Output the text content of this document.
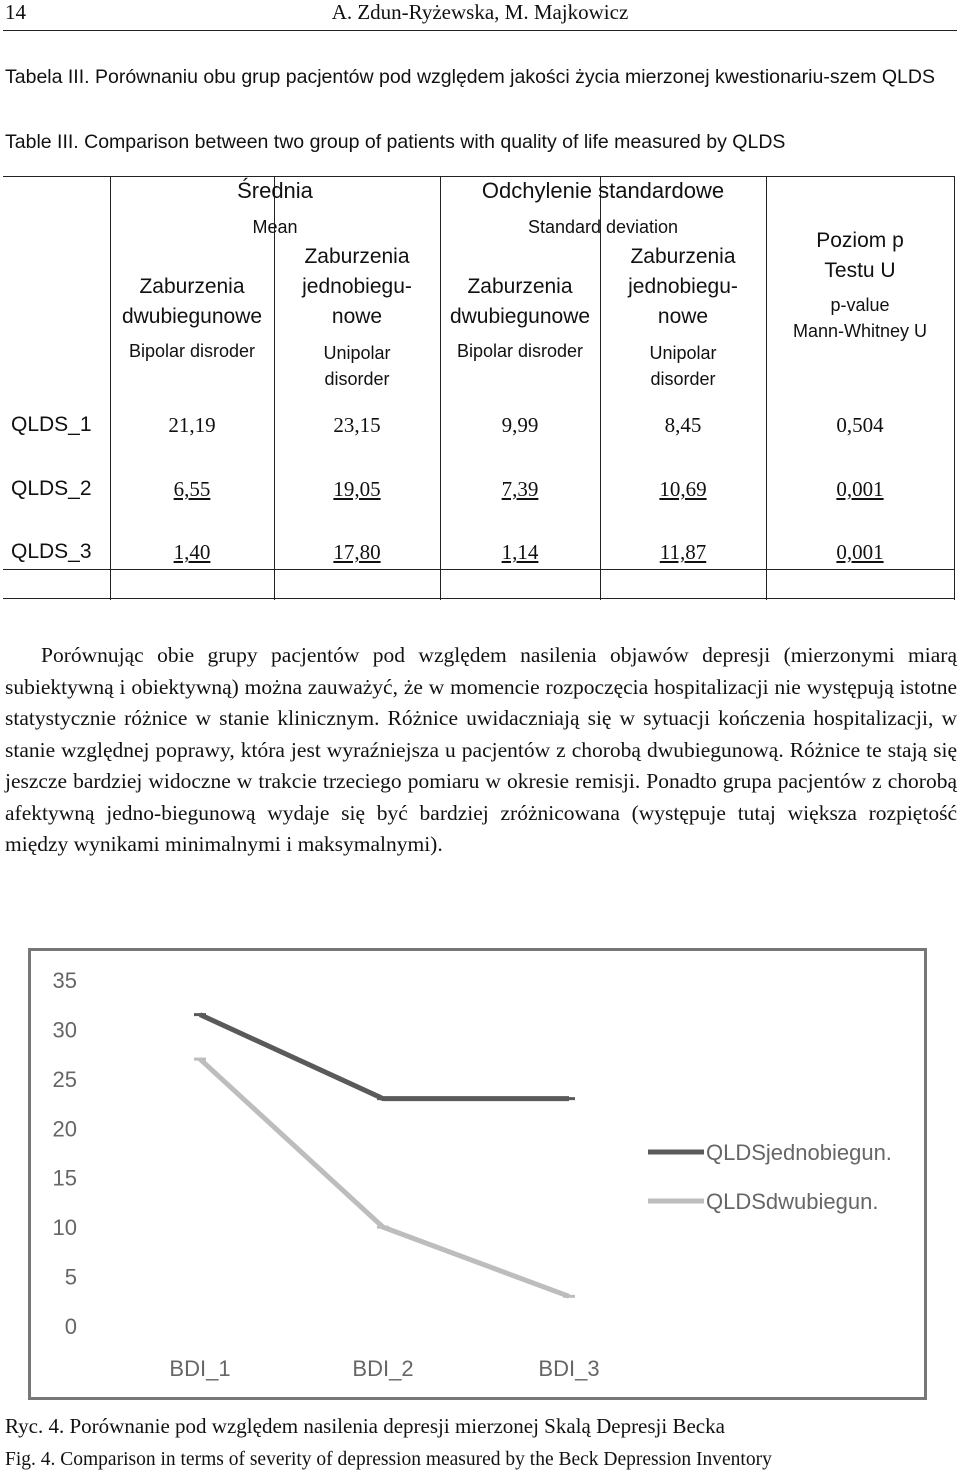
14	A. Zdun-Ryżewska, M. Majkowicz
Tabela III. Porównaniu obu grup pacjentów pod względem jakości życia mierzonej kwestionariu-szem QLDS
Table III. Comparison between two group of patients with quality of life measured by QLDS
Średnia
Mean
Odchylenie standardowe
Standard deviation
Poziom p
Testu U
p-value
Mann-Whitney U
Zaburzenia
dwubiegunowe
Bipolar disroder
Zaburzenia
jednobiegu-
nowe
Unipolar
disorder
Zaburzenia
dwubiegunowe
Bipolar disroder
Zaburzenia
jednobiegu-
nowe
Unipolar
disorder
QLDS_1	21,19	23,15	9,99	8,45	0,504
QLDS_2	6,55	19,05	7,39	10,69	0,001
QLDS_3	1,40	17,80	1,14	11,87	0,001

Porównując obie grupy pacjentów pod względem nasilenia objawów depresji (mierzonymi miarą subiektywną i obiektywną) można zauważyć, że w momencie rozpoczęcia hospitalizacji nie występują istotne statystycznie różnice w stanie klinicznym. Różnice uwidaczniają się w sytuacji kończenia hospitalizacji, w stanie względnej poprawy, która jest wyraźniejsza u pacjentów z chorobą dwubiegunową. Różnice te stają się jeszcze bardziej widoczne w trakcie trzeciego pomiaru w okresie remisji. Ponadto grupa pacjentów z chorobą afektywną jedno-biegunową wydaje się być bardziej zróżnicowana (występuje tutaj większa rozpiętość między wynikami minimalnymi i maksymalnymi).

0
5
10
15
20
25
30
35
BDI_1	BDI_2	BDI_3
QLDSjednobiegun.
QLDSdwubiegun.
Ryc. 4. Porównanie pod względem nasilenia depresji mierzonej Skalą Depresji Becka
Fig. 4. Comparison in terms of severity of depression measured by the Beck Depression Inventory
